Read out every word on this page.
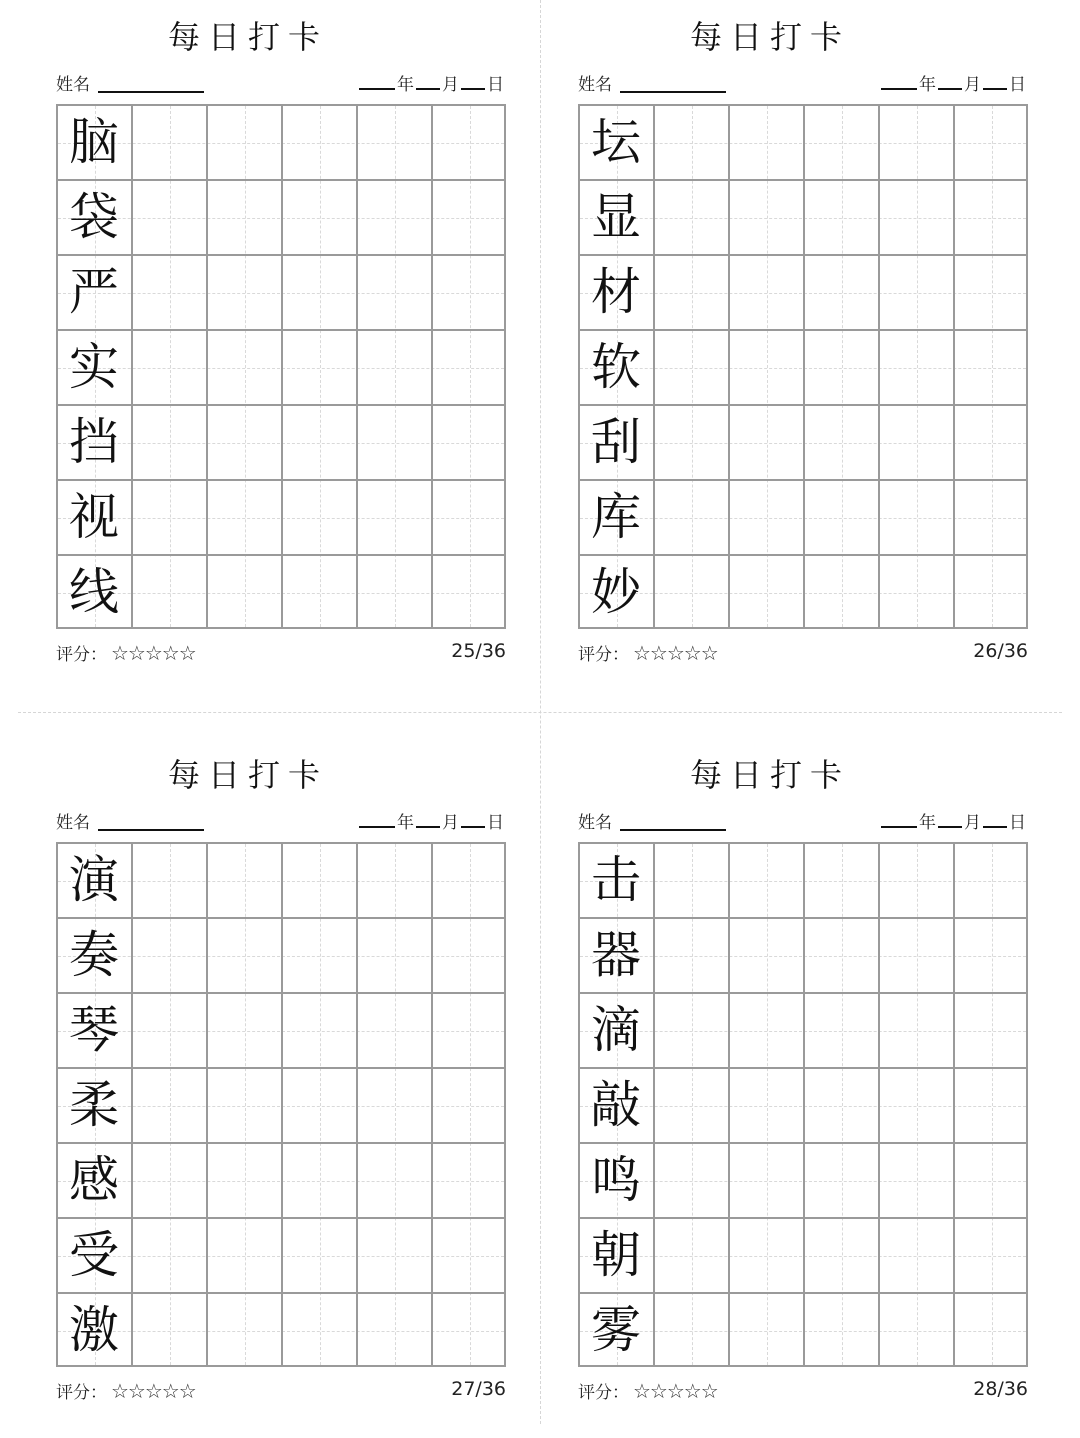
每日打卡
姓名	年 月 日
脑
袋
严
实
挡
视
线
评分： ☆☆☆☆☆	25/36
每日打卡
姓名	年 月 日
坛
显
材
软
刮
库
妙
评分： ☆☆☆☆☆	26/36
每日打卡
姓名	年 月 日
演
奏
琴
柔
感
受
激
评分： ☆☆☆☆☆	27/36
每日打卡
姓名	年 月 日
击
器
滴
敲
鸣
朝
雾
评分： ☆☆☆☆☆	28/36
